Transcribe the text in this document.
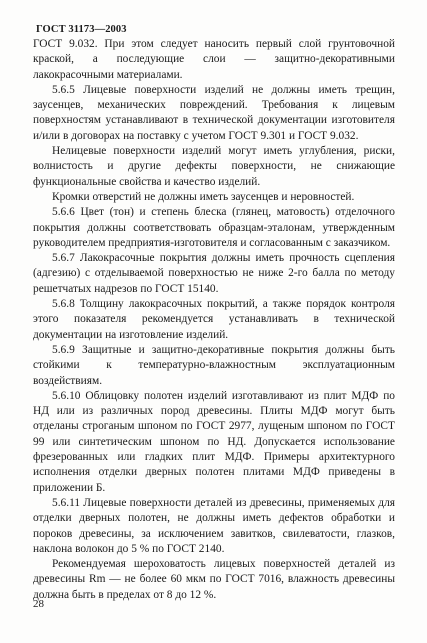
ГОСТ 31173—2003

ГОСТ 9.032. При этом следует наносить первый слой грунтовочной краской, а последующие слои — защитно-декоративными лакокрасочными материалами.

5.6.5 Лицевые поверхности изделий не должны иметь трещин, заусенцев, механических повреждений. Требования к лицевым поверхностям устанавливают в технической документации изготовителя и/или в договорах на поставку с учетом ГОСТ 9.301 и ГОСТ 9.032.

Нелицевые поверхности изделий могут иметь углубления, риски, волнистость и другие дефекты поверхности, не снижающие функциональные свойства и качество изделий.

Кромки отверстий не должны иметь заусенцев и неровностей.

5.6.6 Цвет (тон) и степень блеска (глянец, матовость) отделочного покрытия должны соответствовать образцам-эталонам, утвержденным руководителем предприятия-изготовителя и согласованным с заказчиком.

5.6.7 Лакокрасочные покрытия должны иметь прочность сцепления (адгезию) с отделываемой поверхностью не ниже 2-го балла по методу решетчатых надрезов по ГОСТ 15140.

5.6.8 Толщину лакокрасочных покрытий, а также порядок контроля этого показателя рекомендуется устанавливать в технической документации на изготовление изделий.

5.6.9 Защитные и защитно-декоративные покрытия должны быть стойкими к температурно-влажностным эксплуатационным воздействиям.

5.6.10 Облицовку полотен изделий изготавливают из плит МДФ по НД или из различных пород древесины. Плиты МДФ могут быть отделаны строганым шпоном по ГОСТ 2977, лущеным шпоном по ГОСТ 99 или синтетическим шпоном по НД. Допускается использование фрезерованных или гладких плит МДФ. Примеры архитектурного исполнения отделки дверных полотен плитами МДФ приведены в приложении Б.

5.6.11 Лицевые поверхности деталей из древесины, применяемых для отделки дверных полотен, не должны иметь дефектов обработки и пороков древесины, за исключением завитков, свилеватости, глазков, наклона волокон до 5 % по ГОСТ 2140.

Рекомендуемая шероховатость лицевых поверхностей деталей из древесины Rm — не более 60 мкм по ГОСТ 7016, влажность древесины должна быть в пределах от 8 до 12 %.

28
